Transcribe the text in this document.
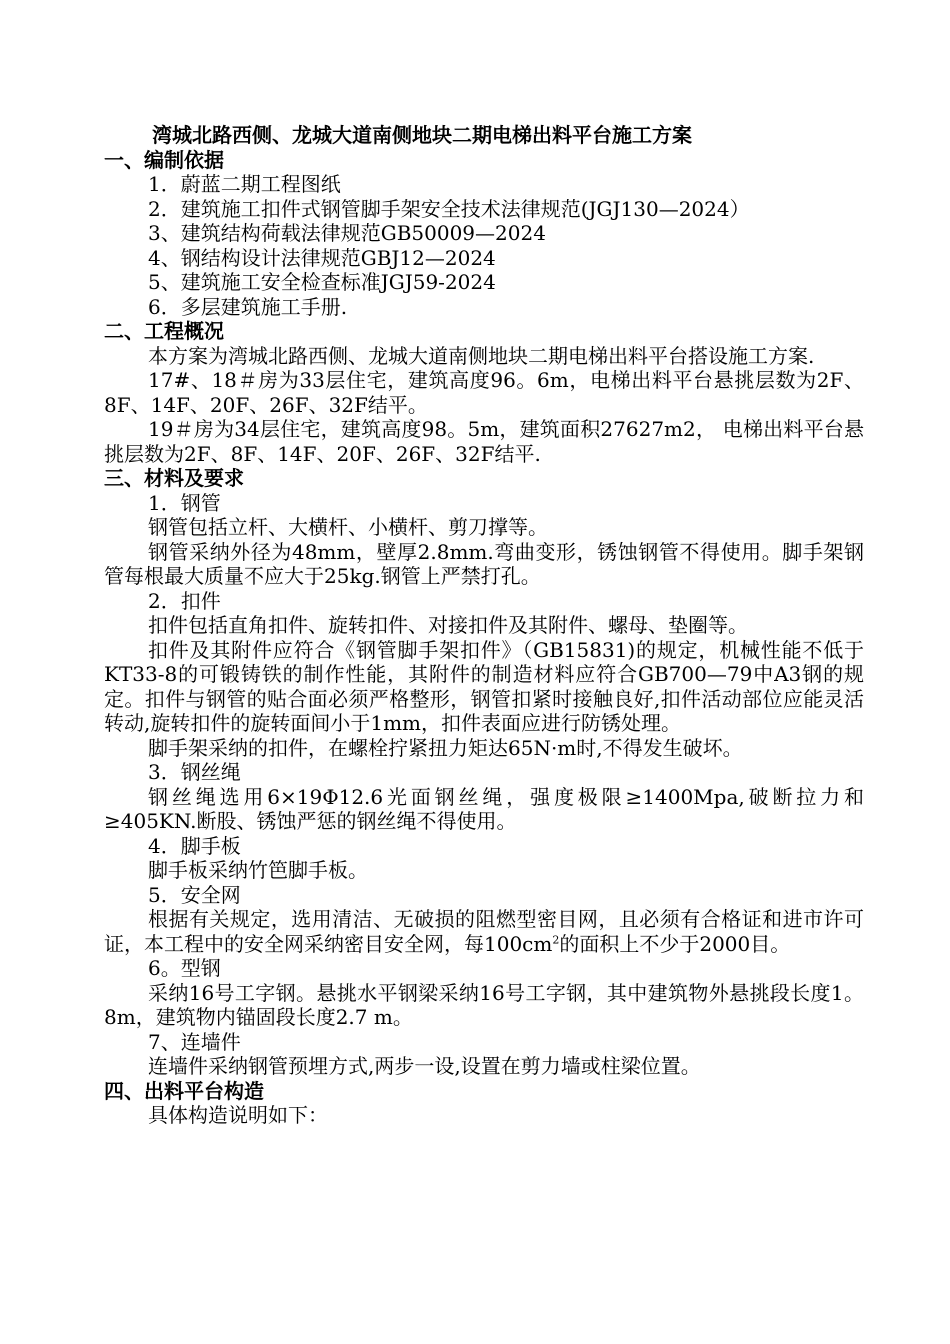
湾城北路西侧、龙城大道南侧地块二期电梯出料平台施工方案
一、编制依据
1．蔚蓝二期工程图纸
2．建筑施工扣件式钢管脚手架安全技术法律规范(JGJ130—2024）
3、建筑结构荷载法律规范GB50009—2024
4、钢结构设计法律规范GBJ12—2024
5、建筑施工安全检查标准JGJ59-2024
6．多层建筑施工手册.
二、工程概况
本方案为湾城北路西侧、龙城大道南侧地块二期电梯出料平台搭设施工方案.
17#、18＃房为33层住宅，建筑高度96。6m，电梯出料平台悬挑层数为2F、8F、14F、20F、26F、32F结平。
19＃房为34层住宅，建筑高度98。5m，建筑面积27627m2， 电梯出料平台悬挑层数为2F、8F、14F、20F、26F、32F结平.
三、材料及要求
1．钢管
钢管包括立杆、大横杆、小横杆、剪刀撑等。
钢管采纳外径为48mm，壁厚2.8mm.弯曲变形，锈蚀钢管不得使用。脚手架钢管每根最大质量不应大于25kg.钢管上严禁打孔。
2．扣件
扣件包括直角扣件、旋转扣件、对接扣件及其附件、螺母、垫圈等。
扣件及其附件应符合《钢管脚手架扣件》（GB15831)的规定，机械性能不低于KT33-8的可锻铸铁的制作性能，其附件的制造材料应符合GB700—79中A3钢的规定。扣件与钢管的贴合面必须严格整形，钢管扣紧时接触良好,扣件活动部位应能灵活转动,旋转扣件的旋转面间小于1mm，扣件表面应进行防锈处理。
脚手架采纳的扣件，在螺栓拧紧扭力矩达65N·m时,不得发生破坏。
3．钢丝绳
钢丝绳选用6×19Φ12.6光面钢丝绳，强度极限≥1400Mpa,破断拉力和≥405KN.断股、锈蚀严惩的钢丝绳不得使用。
4．脚手板
脚手板采纳竹笆脚手板。
5．安全网
根据有关规定，选用清洁、无破损的阻燃型密目网，且必须有合格证和进市许可证，本工程中的安全网采纳密目安全网，每$100cm^2$的面积上不少于2000目。
6。型钢
采纳16号工字钢。悬挑水平钢梁采纳16号工字钢，其中建筑物外悬挑段长度1。8m，建筑物内锚固段长度2.7 m。
7、连墙件
连墙件采纳钢管预埋方式,两步一设,设置在剪力墙或柱梁位置。
四、出料平台构造
具体构造说明如下：
